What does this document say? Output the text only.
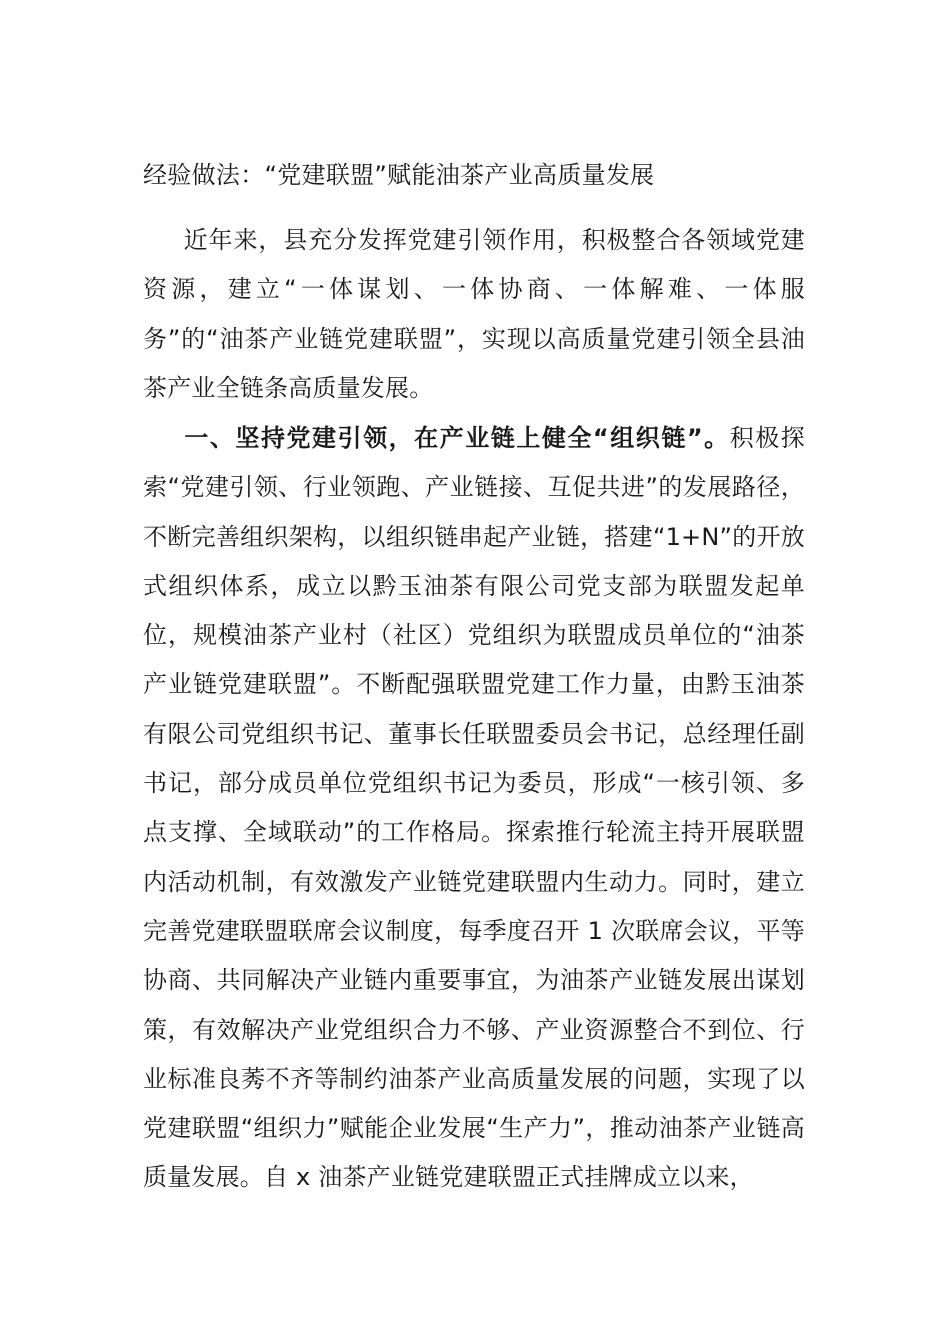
经验做法：“党建联盟”赋能油茶产业高质量发展
近年来，县充分发挥党建引领作用，积极整合各领域党建资源，建立“一体谋划、一体协商、一体解难、一体服务”的“油茶产业链党建联盟”，实现以高质量党建引领全县油茶产业全链条高质量发展。
一、坚持党建引领，在产业链上健全“组织链”。积极探索“党建引领、行业领跑、产业链接、互促共进”的发展路径，不断完善组织架构，以组织链串起产业链，搭建“1+N”的开放式组织体系，成立以黔玉油茶有限公司党支部为联盟发起单位，规模油茶产业村（社区）党组织为联盟成员单位的“油茶产业链党建联盟”。不断配强联盟党建工作力量，由黔玉油茶有限公司党组织书记、董事长任联盟委员会书记，总经理任副书记，部分成员单位党组织书记为委员，形成“一核引领、多点支撑、全域联动”的工作格局。探索推行轮流主持开展联盟内活动机制，有效激发产业链党建联盟内生动力。同时，建立完善党建联盟联席会议制度，每季度召开 1 次联席会议，平等协商、共同解决产业链内重要事宜，为油茶产业链发展出谋划策，有效解决产业党组织合力不够、产业资源整合不到位、行业标准良莠不齐等制约油茶产业高质量发展的问题，实现了以党建联盟“组织力”赋能企业发展“生产力”，推动油茶产业链高质量发展。自 x 油茶产业链党建联盟正式挂牌成立以来，
